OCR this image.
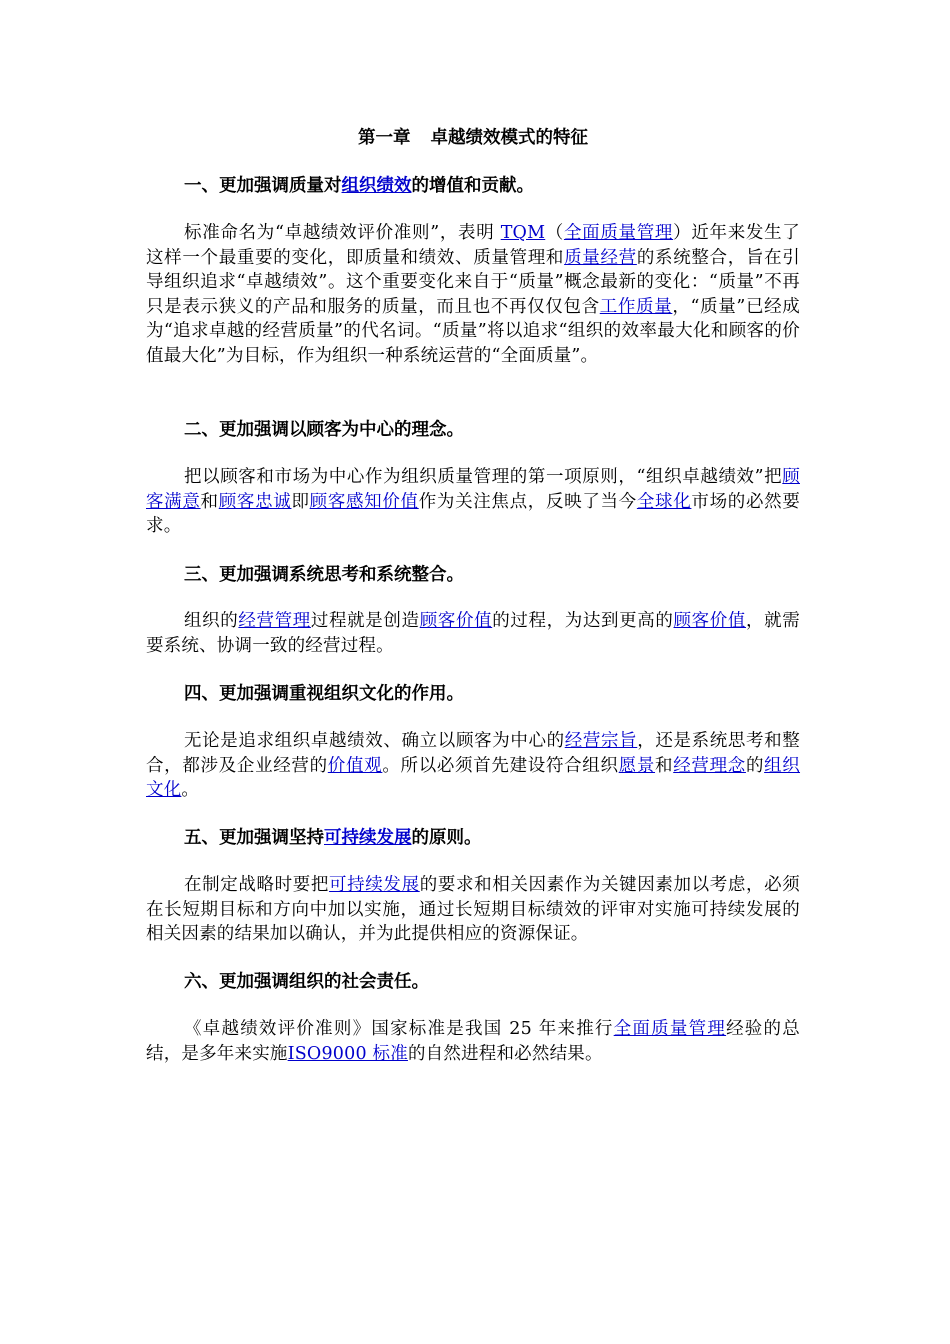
第一章 卓越绩效模式的特征
一、更加强调质量对组织绩效的增值和贡献。
标准命名为“卓越绩效评价准则”，表明 TQM（全面质量管理）近年来发生了这样一个最重要的变化，即质量和绩效、质量管理和质量经营的系统整合，旨在引导组织追求“卓越绩效”。这个重要变化来自于“质量”概念最新的变化：“质量”不再只是表示狭义的产品和服务的质量，而且也不再仅仅包含工作质量，“质量”已经成为“追求卓越的经营质量”的代名词。“质量”将以追求“组织的效率最大化和顾客的价值最大化”为目标，作为组织一种系统运营的“全面质量”。
二、更加强调以顾客为中心的理念。
把以顾客和市场为中心作为组织质量管理的第一项原则，“组织卓越绩效”把顾客满意和顾客忠诚即顾客感知价值作为关注焦点，反映了当今全球化市场的必然要求。
三、更加强调系统思考和系统整合。
组织的经营管理过程就是创造顾客价值的过程，为达到更高的顾客价值，就需要系统、协调一致的经营过程。
四、更加强调重视组织文化的作用。
无论是追求组织卓越绩效、确立以顾客为中心的经营宗旨，还是系统思考和整合，都涉及企业经营的价值观。所以必须首先建设符合组织愿景和经营理念的组织文化。
五、更加强调坚持可持续发展的原则。
在制定战略时要把可持续发展的要求和相关因素作为关键因素加以考虑，必须在长短期目标和方向中加以实施，通过长短期目标绩效的评审对实施可持续发展的相关因素的结果加以确认，并为此提供相应的资源保证。
六、更加强调组织的社会责任。
《卓越绩效评价准则》国家标准是我国 25 年来推行全面质量管理经验的总结，是多年来实施ISO9000 标准的自然进程和必然结果。
